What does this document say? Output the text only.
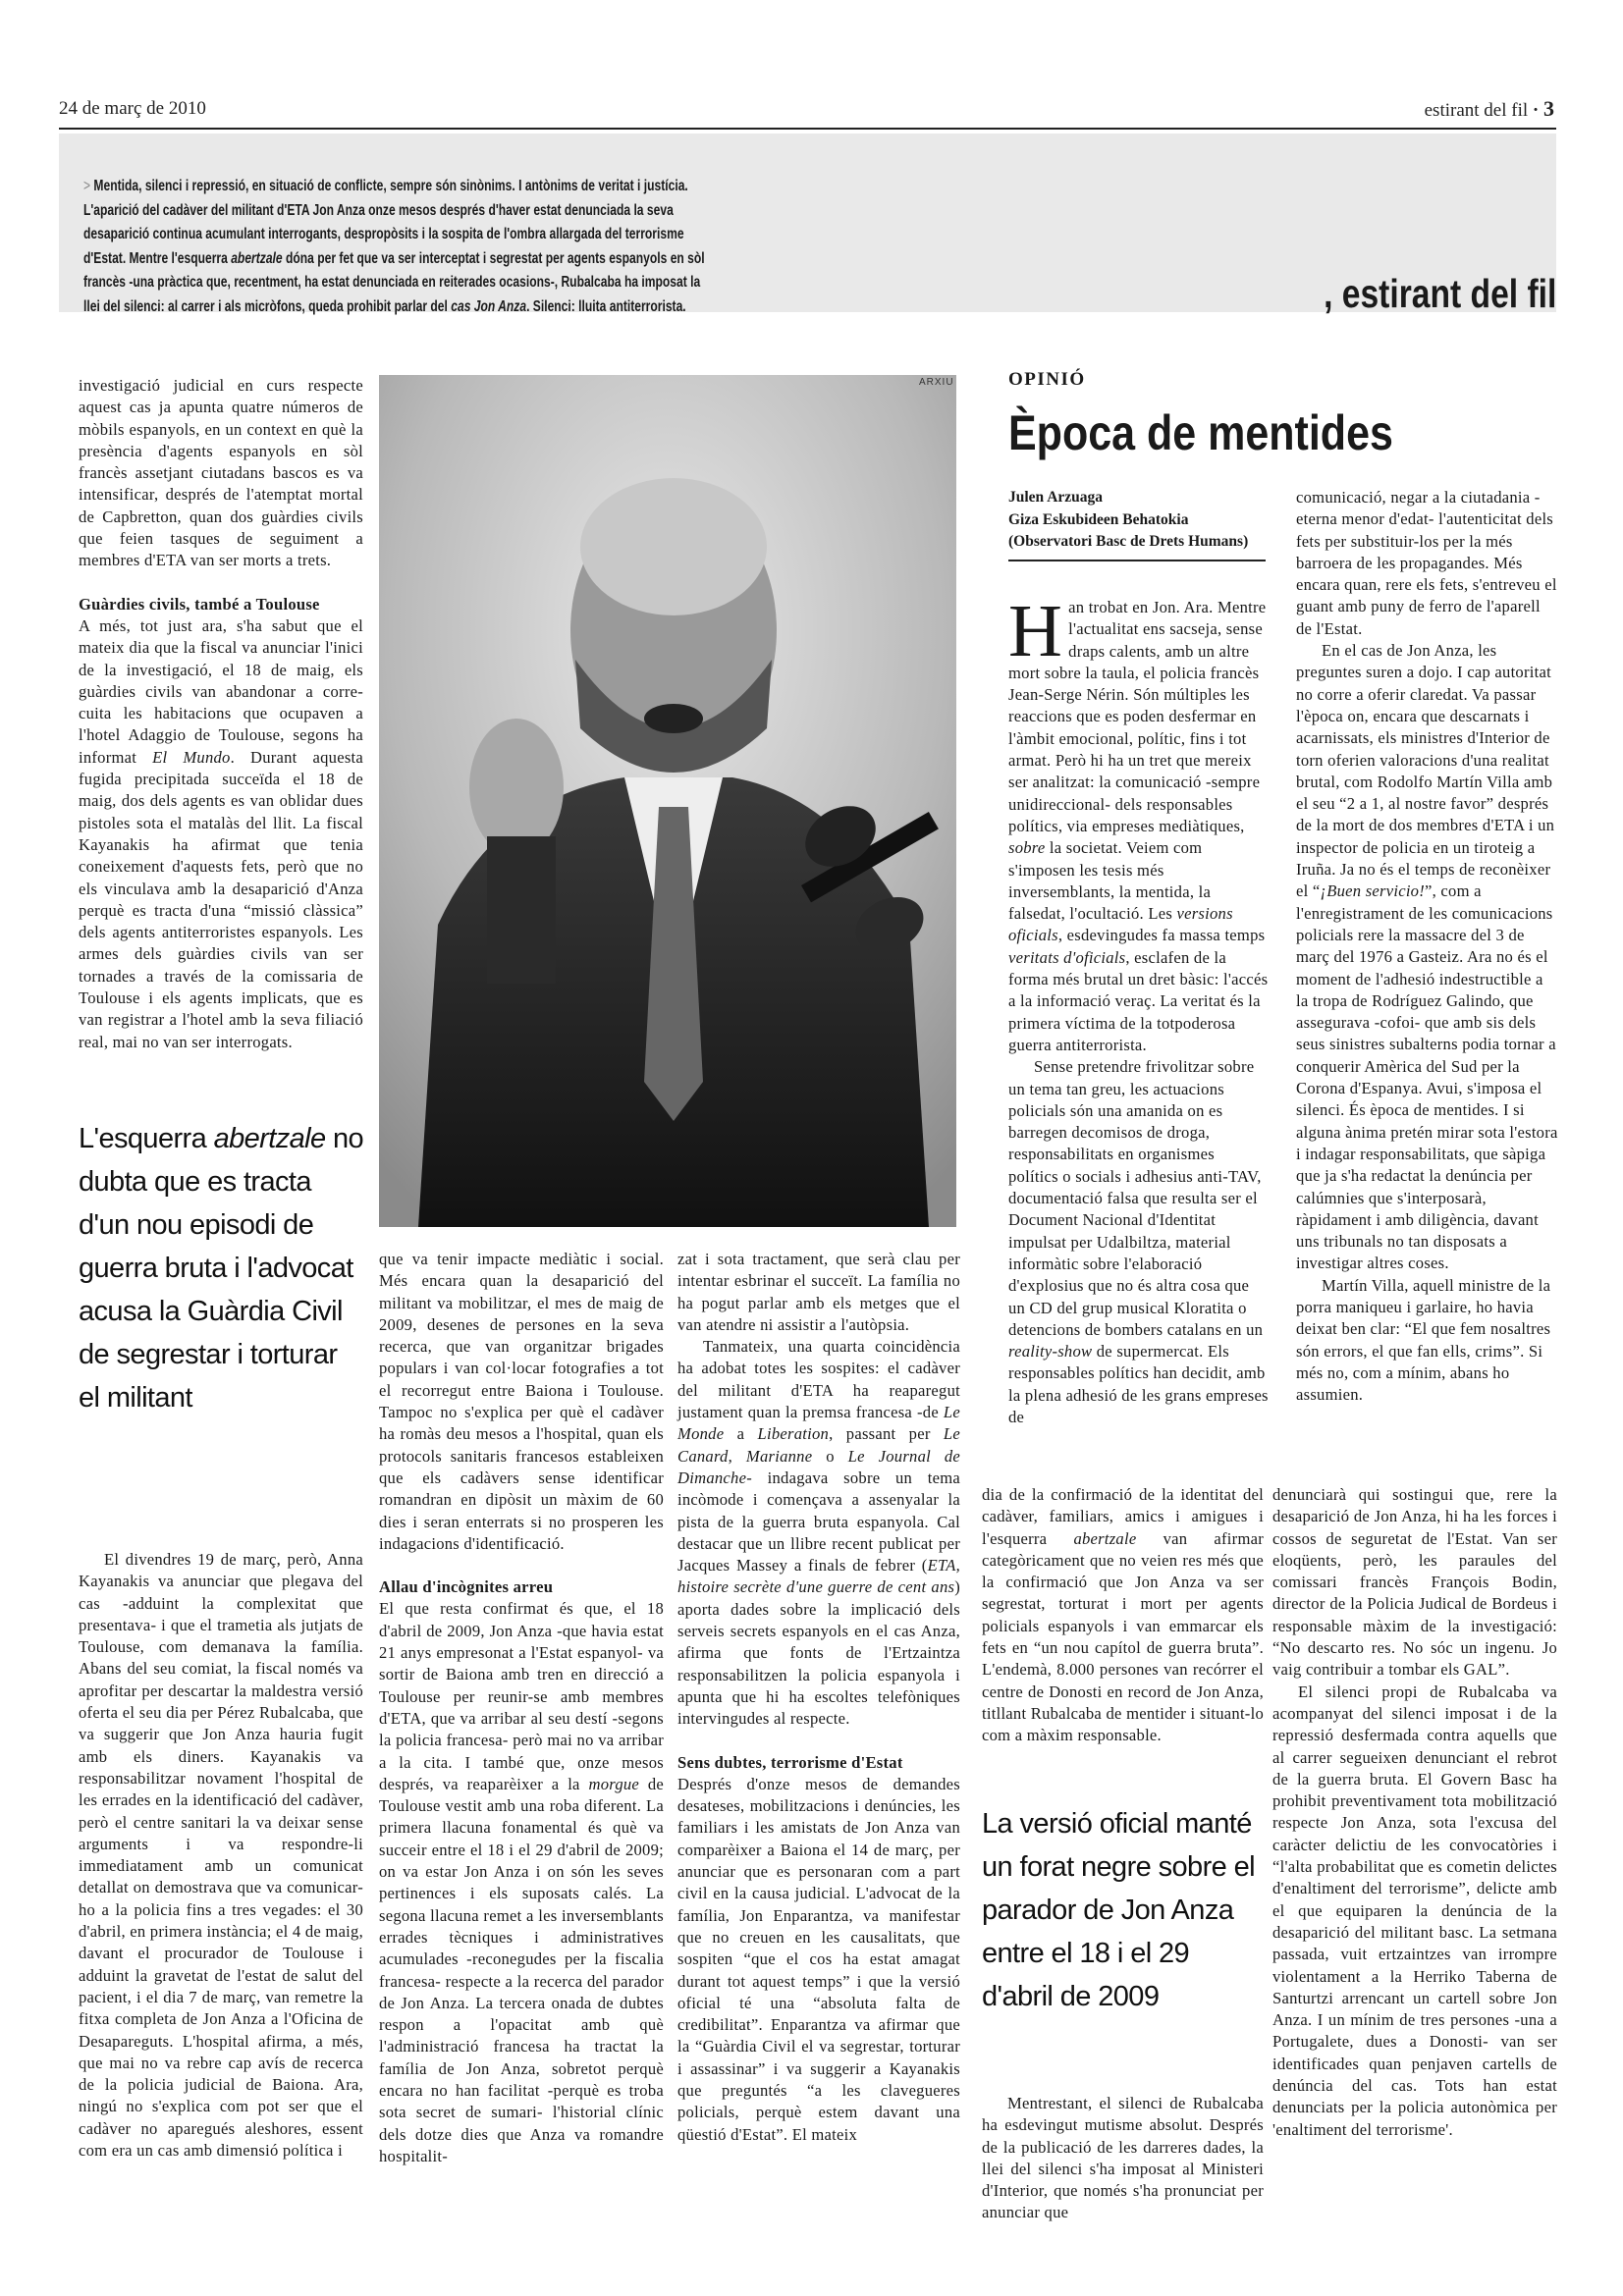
24 de març de 2010	estirant del fil · 3
> Mentida, silenci i repressió, en situació de conflicte, sempre són sinònims. I antònims de veritat i justícia. L'aparició del cadàver del militant d'ETA Jon Anza onze mesos després d'haver estat denunciada la seva desaparició continua acumulant interrogants, despropòsits i la sospita de l'ombra allargada del terrorisme d'Estat. Mentre l'esquerra abertzale dóna per fet que va ser interceptat i segrestat per agents espanyols en sòl francès -una pràctica que, recentment, ha estat denunciada en reiterades ocasions-, Rubalcaba ha imposat la llei del silenci: al carrer i als micròfons, queda prohibit parlar del cas Jon Anza. Silenci: lluita antiterrorista.	, estirant del fil

investigació judicial en curs respecte aquest cas ja apunta quatre números de mòbils espanyols, en un context en què la presència d'agents espanyols en sòl francès assetjant ciutadans bascos es va intensificar, després de l'atemptat mortal de Capbretton, quan dos guàrdies civils que feien tasques de seguiment a membres d'ETA van ser morts a trets.

Guàrdies civils, també a Toulouse

A més, tot just ara, s'ha sabut que el mateix dia que la fiscal va anunciar l'inici de la investigació, el 18 de maig, els guàrdies civils van abandonar a corre-cuita les habitacions que ocupaven a l'hotel Adaggio de Toulouse, segons ha informat El Mundo. Durant aquesta fugida precipitada succeïda el 18 de maig, dos dels agents es van oblidar dues pistoles sota el matalàs del llit. La fiscal Kayanakis ha afirmat que tenia coneixement d'aquests fets, però que no els vinculava amb la desaparició d'Anza perquè es tracta d'una “missió clàssica” dels agents antiterroristes espanyols. Les armes dels guàrdies civils van ser tornades a través de la comissaria de Toulouse i els agents implicats, que es van registrar a l'hotel amb la seva filiació real, mai no van ser interrogats.

L'esquerra abertzale no dubta que es tracta d'un nou episodi de guerra bruta i l'advocat acusa la Guàrdia Civil de segrestar i torturar el militant

El divendres 19 de març, però, Anna Kayanakis va anunciar que plegava del cas -adduint la complexitat que presentava- i que el trametia als jutjats de Toulouse, com demanava la família. Abans del seu comiat, la fiscal només va aprofitar per descartar la maldestra versió oferta el seu dia per Pérez Rubalcaba, que va suggerir que Jon Anza hauria fugit amb els diners. Kayanakis va responsabilitzar novament l'hospital de les errades en la identificació del cadàver, però el centre sanitari la va deixar sense arguments i va respondre-li immediatament amb un comunicat detallat on demostrava que va comunicar-ho a la policia fins a tres vegades: el 30 d'abril, en primera instància; el 4 de maig, davant el procurador de Toulouse i adduint la gravetat de l'estat de salut del pacient, i el dia 7 de març, van remetre la fitxa completa de Jon Anza a l'Oficina de Desapareguts. L'hospital afirma, a més, que mai no va rebre cap avís de recerca de la policia judicial de Baiona. Ara, ningú no s'explica com pot ser que el cadàver no aparegués aleshores, essent com era un cas amb dimensió política i

ARXIU

que va tenir impacte mediàtic i social. Més encara quan la desaparició del militant va mobilitzar, el mes de maig de 2009, desenes de persones en la seva recerca, que van organitzar brigades populars i van col·locar fotografies a tot el recorregut entre Baiona i Toulouse. Tampoc no s'explica per què el cadàver ha romàs deu mesos a l'hospital, quan els protocols sanitaris francesos estableixen que els cadàvers sense identificar romandran en dipòsit un màxim de 60 dies i seran enterrats si no prosperen les indagacions d'identificació.

Allau d'incògnites arreu

El que resta confirmat és que, el 18 d'abril de 2009, Jon Anza -que havia estat 21 anys empresonat a l'Estat espanyol- va sortir de Baiona amb tren en direcció a Toulouse per reunir-se amb membres d'ETA, que va arribar al seu destí -segons la policia francesa- però mai no va arribar a la cita. I també que, onze mesos després, va reaparèixer a la morgue de Toulouse vestit amb una roba diferent. La primera llacuna fonamental és què va succeir entre el 18 i el 29 d'abril de 2009; on va estar Jon Anza i on són les seves pertinences i els suposats calés. La segona llacuna remet a les inversemblants errades tècniques i administratives acumulades -reconegudes per la fiscalia francesa- respecte a la recerca del parador de Jon Anza. La tercera onada de dubtes respon a l'opacitat amb què l'administració francesa ha tractat la família de Jon Anza, sobretot perquè encara no han facilitat -perquè es troba sota secret de sumari- l'historial clínic dels dotze dies que Anza va romandre hospitalit-

zat i sota tractament, que serà clau per intentar esbrinar el succeït. La família no ha pogut parlar amb els metges que el van atendre ni assistir a l'autòpsia.

Tanmateix, una quarta coincidència ha adobat totes les sospites: el cadàver del militant d'ETA ha reaparegut justament quan la premsa francesa -de Le Monde a Liberation, passant per Le Canard, Marianne o Le Journal de Dimanche- indagava sobre un tema incòmode i començava a assenyalar la pista de la guerra bruta espanyola. Cal destacar que un llibre recent publicat per Jacques Massey a finals de febrer (ETA, histoire secrète d'une guerre de cent ans) aporta dades sobre la implicació dels serveis secrets espanyols en el cas Anza, afirma que fonts de l'Ertzaintza responsabilitzen la policia espanyola i apunta que hi ha escoltes telefòniques intervingudes al respecte.

Sens dubtes, terrorisme d'Estat

Després d'onze mesos de demandes desateses, mobilitzacions i denúncies, les familiars i les amistats de Jon Anza van comparèixer a Baiona el 14 de març, per anunciar que es personaran com a part civil en la causa judicial. L'advocat de la família, Jon Enparantza, va manifestar que no creuen en les causalitats, que sospiten “que el cos ha estat amagat durant tot aquest temps” i que la versió oficial té una “absoluta falta de credibilitat”. Enparantza va afirmar que la “Guàrdia Civil el va segrestar, torturar i assassinar” i va suggerir a Kayanakis que preguntés “a les clavegueres policials, perquè estem davant una qüestió d'Estat”. El mateix

OPINIÓ
Època de mentides
Julen Arzuaga
Giza Eskubideen Behatokia
(Observatori Basc de Drets Humans)
H an trobat en Jon. Ara. Mentre l'actualitat ens sacseja, sense draps calents, amb un altre mort sobre la taula, el policia francès Jean-Serge Nérin. Són múltiples les reaccions que es poden desfermar en l'àmbit emocional, polític, fins i tot armat. Però hi ha un tret que mereix ser analitzat: la comunicació -sempre unidireccional- dels responsables polítics, via empreses mediàtiques, sobre la societat. Veiem com s'imposen les tesis més inversemblants, la mentida, la falsedat, l'ocultació. Les versions oficials, esdevingudes fa massa temps veritats d'oficials, esclafen de la forma més brutal un dret bàsic: l'accés a la informació veraç. La veritat és la primera víctima de la totpoderosa guerra antiterrorista.

Sense pretendre frivolitzar sobre un tema tan greu, les actuacions policials són una amanida on es barregen decomisos de droga, responsabilitats en organismes polítics o socials i adhesius anti-TAV, documentació falsa que resulta ser el Document Nacional d'Identitat impulsat per Udalbiltza, material informàtic sobre l'elaboració d'explosius que no és altra cosa que un CD del grup musical Kloratita o detencions de bombers catalans en un reality-show de supermercat. Els responsables polítics han decidit, amb la plena adhesió de les grans empreses de

comunicació, negar a la ciutadania -eterna menor d'edat- l'autenticitat dels fets per substituir-los per la més barroera de les propagandes. Més encara quan, rere els fets, s'entreveu el guant amb puny de ferro de l'aparell de l'Estat.

En el cas de Jon Anza, les preguntes suren a dojo. I cap autoritat no corre a oferir claredat. Va passar l'època on, encara que descarnats i acarnissats, els ministres d'Interior de torn oferien valoracions d'una realitat brutal, com Rodolfo Martín Villa amb el seu “2 a 1, al nostre favor” després de la mort de dos membres d'ETA i un inspector de policia en un tiroteig a Iruña. Ja no és el temps de reconèixer el “¡Buen servicio!”, com a l'enregistrament de les comunicacions policials rere la massacre del 3 de març del 1976 a Gasteiz. Ara no és el moment de l'adhesió indestructible a la tropa de Rodríguez Galindo, que assegurava -cofoi- que amb sis dels seus sinistres subalterns podia tornar a conquerir Amèrica del Sud per la Corona d'Espanya. Avui, s'imposa el silenci. És època de mentides. I si alguna ànima pretén mirar sota l'estora i indagar responsabilitats, que sàpiga que ja s'ha redactat la denúncia per calúmnies que s'interposarà, ràpidament i amb diligència, davant uns tribunals no tan disposats a investigar altres coses.

Martín Villa, aquell ministre de la porra maniqueu i garlaire, ho havia deixat ben clar: “El que fem nosaltres són errors, el que fan ells, crims”. Si més no, com a mínim, abans ho assumien.

dia de la confirmació de la identitat del cadàver, familiars, amics i amigues i l'esquerra abertzale van afirmar categòricament que no veien res més que la confirmació que Jon Anza va ser segrestat, torturat i mort per agents policials espanyols i van emmarcar els fets en “un nou capítol de guerra bruta”. L'endemà, 8.000 persones van recórrer el centre de Donosti en record de Jon Anza, titllant Rubalcaba de mentider i situant-lo com a màxim responsable.

La versió oficial manté un forat negre sobre el parador de Jon Anza entre el 18 i el 29 d'abril de 2009

Mentrestant, el silenci de Rubalcaba ha esdevingut mutisme absolut. Després de la publicació de les darreres dades, la llei del silenci s'ha imposat al Ministeri d'Interior, que només s'ha pronunciat per anunciar que

denunciarà qui sostingui que, rere la desaparició de Jon Anza, hi ha les forces i cossos de seguretat de l'Estat. Van ser eloqüents, però, les paraules del comissari francès François Bodin, director de la Policia Judical de Bordeus i responsable màxim de la investigació: “No descarto res. No sóc un ingenu. Jo vaig contribuir a tombar els GAL”.

El silenci propi de Rubalcaba va acompanyat del silenci imposat i de la repressió desfermada contra aquells que al carrer segueixen denunciant el rebrot de la guerra bruta. El Govern Basc ha prohibit preventivament tota mobilització respecte Jon Anza, sota l'excusa del caràcter delictiu de les convocatòries i “l'alta probabilitat que es cometin delictes d'enaltiment del terrorisme”, delicte amb el que equiparen la denúncia de la desaparició del militant basc. La setmana passada, vuit ertzaintzes van irrompre violentament a la Herriko Taberna de Santurtzi arrencant un cartell sobre Jon Anza. I un mínim de tres persones -una a Portugalete, dues a Donosti- van ser identificades quan penjaven cartells de denúncia del cas. Tots han estat denunciats per la policia autonòmica per 'enaltiment del terrorisme'.
